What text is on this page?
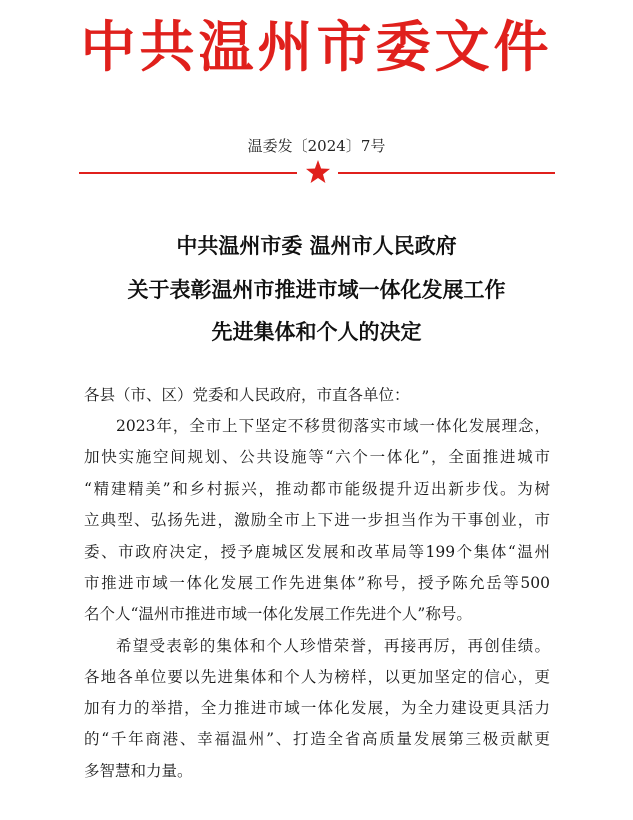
中共温州市委文件
温委发〔2024〕7号
中共温州市委 温州市人民政府
关于表彰温州市推进市域一体化发展工作
先进集体和个人的决定
各县（市、区）党委和人民政府，市直各单位：
2023年，全市上下坚定不移贯彻落实市域一体化发展理念，
加快实施空间规划、公共设施等“六个一体化”，全面推进城市
“精建精美”和乡村振兴，推动都市能级提升迈出新步伐。为树
立典型、弘扬先进，激励全市上下进一步担当作为干事创业，市
委、市政府决定，授予鹿城区发展和改革局等199个集体“温州
市推进市域一体化发展工作先进集体”称号，授予陈允岳等500
名个人“温州市推进市域一体化发展工作先进个人”称号。
希望受表彰的集体和个人珍惜荣誉，再接再厉，再创佳绩。
各地各单位要以先进集体和个人为榜样，以更加坚定的信心，更
加有力的举措，全力推进市域一体化发展，为全力建设更具活力
的“千年商港、幸福温州”、打造全省高质量发展第三极贡献更
多智慧和力量。
